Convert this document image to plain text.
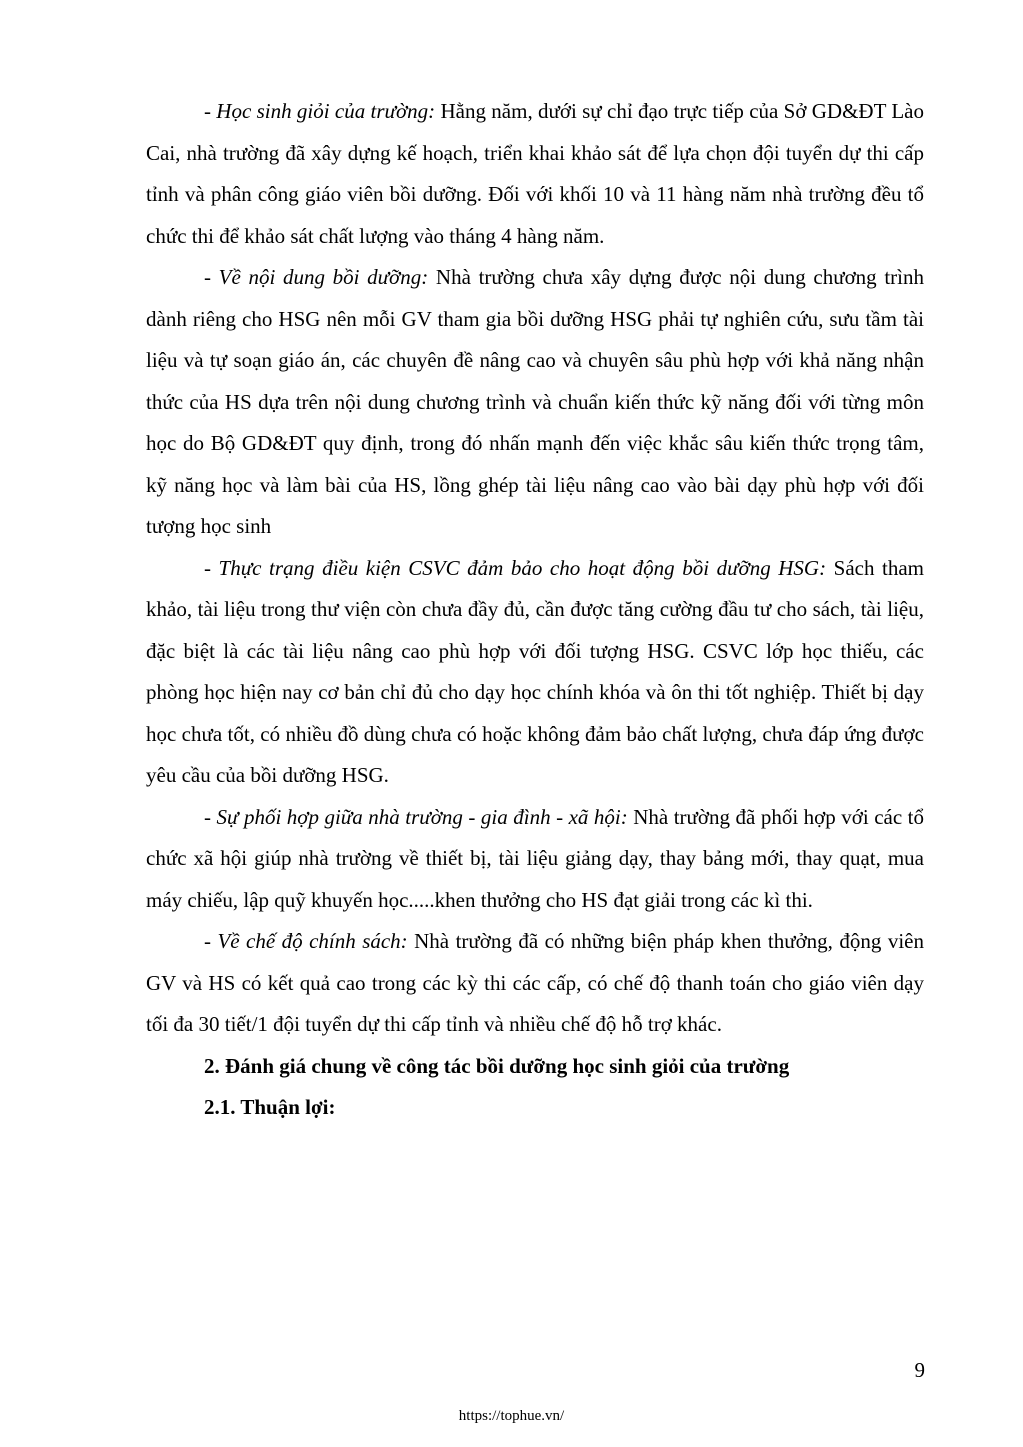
- Học sinh giỏi của trường: Hằng năm, dưới sự chỉ đạo trực tiếp của Sở GD&ĐT Lào Cai, nhà trường đã xây dựng kế hoạch, triển khai khảo sát để lựa chọn đội tuyển dự thi cấp tỉnh và phân công giáo viên bồi dưỡng. Đối với khối 10 và 11 hàng năm nhà trường đều tổ chức thi để khảo sát chất lượng vào tháng 4 hàng năm.

- Về nội dung bồi dưỡng: Nhà trường chưa xây dựng được nội dung chương trình dành riêng cho HSG nên mỗi GV tham gia bồi dưỡng HSG phải tự nghiên cứu, sưu tầm tài liệu và tự soạn giáo án, các chuyên đề nâng cao và chuyên sâu phù hợp với khả năng nhận thức của HS dựa trên nội dung chương trình và chuẩn kiến thức kỹ năng đối với từng môn học do Bộ GD&ĐT quy định, trong đó nhấn mạnh đến việc khắc sâu kiến thức trọng tâm, kỹ năng học và làm bài của HS, lồng ghép tài liệu nâng cao vào bài dạy phù hợp với đối tượng học sinh

- Thực trạng điều kiện CSVC đảm bảo cho hoạt động bồi dưỡng HSG: Sách tham khảo, tài liệu trong thư viện còn chưa đầy đủ, cần được tăng cường đầu tư cho sách, tài liệu, đặc biệt là các tài liệu nâng cao phù hợp với đối tượng HSG. CSVC lớp học thiếu, các phòng học hiện nay cơ bản chỉ đủ cho dạy học chính khóa và ôn thi tốt nghiệp. Thiết bị dạy học chưa tốt, có nhiều đồ dùng chưa có hoặc không đảm bảo chất lượng, chưa đáp ứng được yêu cầu của bồi dưỡng HSG.

- Sự phối hợp giữa nhà trường - gia đình - xã hội: Nhà trường đã phối hợp với các tổ chức xã hội giúp nhà trường về thiết bị, tài liệu giảng dạy, thay bảng mới, thay quạt, mua máy chiếu, lập quỹ khuyến học.....khen thưởng cho HS đạt giải trong các kì thi.

- Về chế độ chính sách: Nhà trường đã có những biện pháp khen thưởng, động viên GV và HS có kết quả cao trong các kỳ thi các cấp, có chế độ thanh toán cho giáo viên dạy tối đa 30 tiết/1 đội tuyển dự thi cấp tỉnh và nhiều chế độ hỗ trợ khác.

2. Đánh giá chung về công tác bồi dưỡng học sinh giỏi của trường

2.1. Thuận lợi:

9
https://tophue.vn/
